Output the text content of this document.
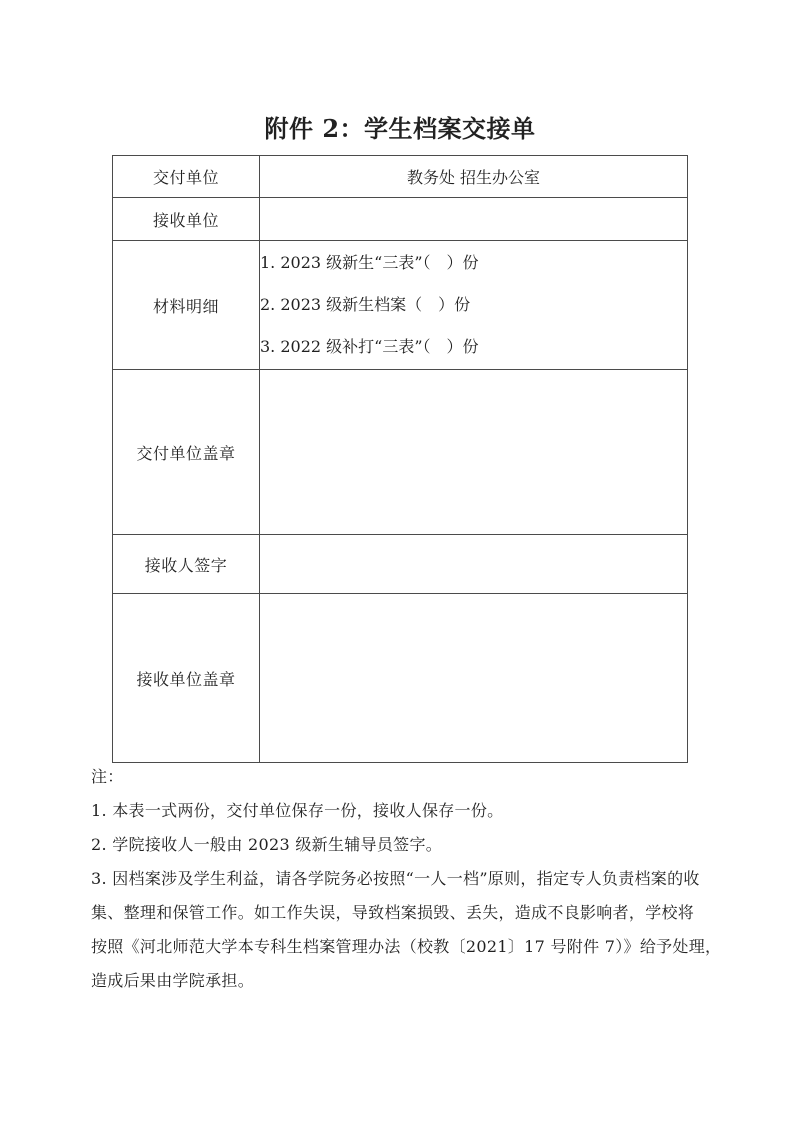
附件 2：学生档案交接单
交付单位	教务处 招生办公室
接收单位	
材料明细	1. 2023 级新生“三表”（　）份
2. 2023 级新生档案（　）份
3. 2022 级补打“三表”（　）份

交付单位盖章	
接收人签字	
接收单位盖章	
注：
1. 本表一式两份，交付单位保存一份，接收人保存一份。
2. 学院接收人一般由 2023 级新生辅导员签字。
3. 因档案涉及学生利益，请各学院务必按照“一人一档”原则，指定专人负责档案的收
集、整理和保管工作。如工作失误，导致档案损毁、丢失，造成不良影响者，学校将
按照《河北师范大学本专科生档案管理办法（校教〔2021〕17 号附件 7）》给予处理，
造成后果由学院承担。
